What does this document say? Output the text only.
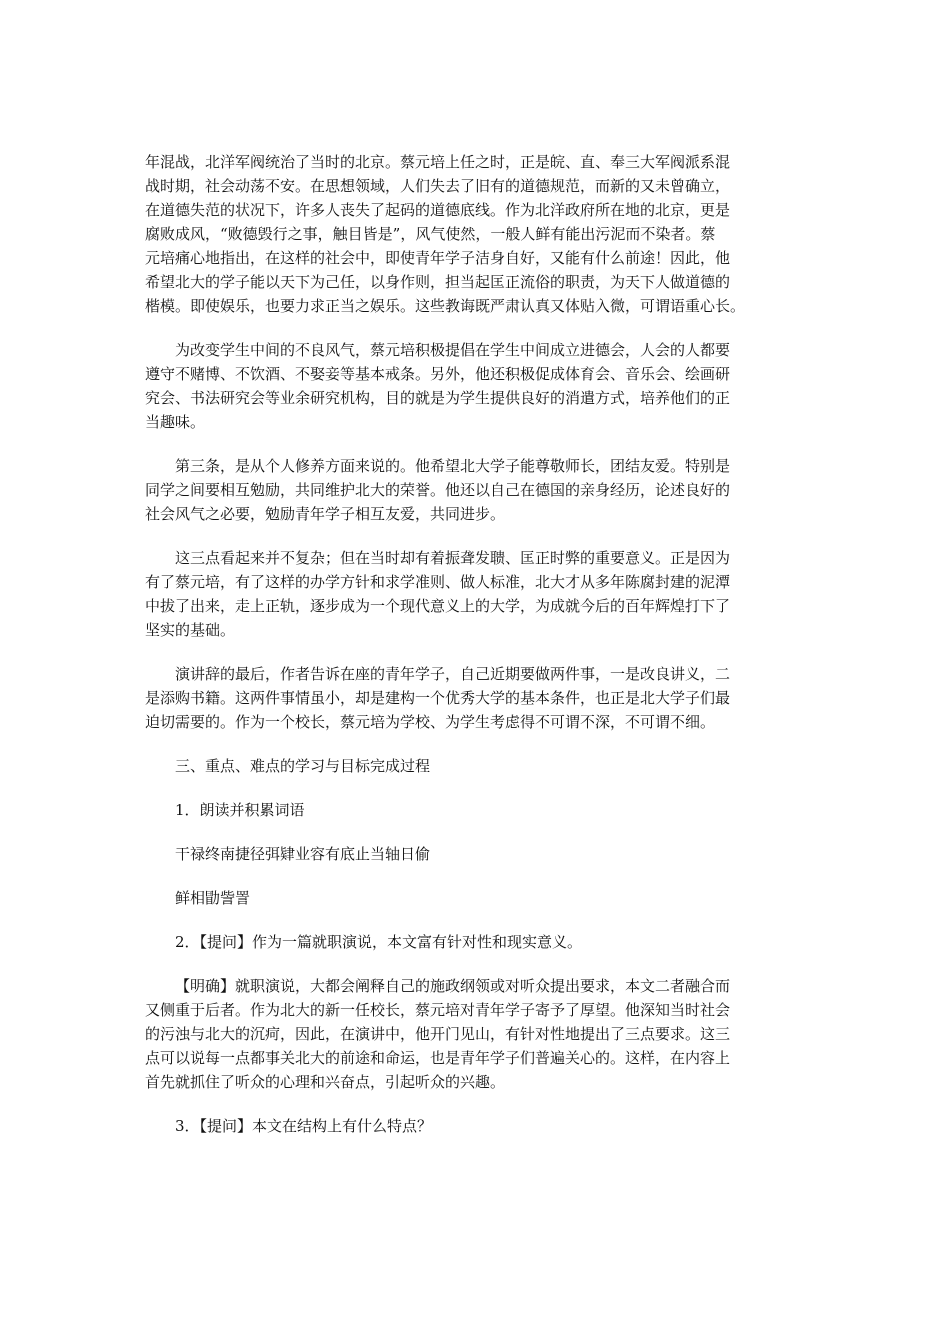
年混战，北洋军阀统治了当时的北京。蔡元培上任之时，正是皖、直、奉三大军阀派系混
战时期，社会动荡不安。在思想领域，人们失去了旧有的道德规范，而新的又未曾确立，
在道德失范的状况下，许多人丧失了起码的道德底线。作为北洋政府所在地的北京，更是
腐败成风，“败德毁行之事，触目皆是”，风气使然，一般人鲜有能出污泥而不染者。蔡
元培痛心地指出，在这样的社会中，即使青年学子洁身自好，又能有什么前途！因此，他
希望北大的学子能以天下为己任，以身作则，担当起匡正流俗的职责，为天下人做道德的
楷模。即使娱乐，也要力求正当之娱乐。这些教诲既严肃认真又体贴入微，可谓语重心长。
为改变学生中间的不良风气，蔡元培积极提倡在学生中间成立进德会，人会的人都要
遵守不赌博、不饮酒、不娶妾等基本戒条。另外，他还积极促成体育会、音乐会、绘画研
究会、书法研究会等业余研究机构，目的就是为学生提供良好的消遣方式，培养他们的正
当趣味。
第三条，是从个人修养方面来说的。他希望北大学子能尊敬师长，团结友爱。特别是
同学之间要相互勉励，共同维护北大的荣誉。他还以自己在德国的亲身经历，论述良好的
社会风气之必要，勉励青年学子相互友爱，共同进步。
这三点看起来并不复杂；但在当时却有着振聋发聩、匡正时弊的重要意义。正是因为
有了蔡元培，有了这样的办学方针和求学准则、做人标准，北大才从多年陈腐封建的泥潭
中拔了出来，走上正轨，逐步成为一个现代意义上的大学，为成就今后的百年辉煌打下了
坚实的基础。
演讲辞的最后，作者告诉在座的青年学子，自己近期要做两件事，一是改良讲义，二
是添购书籍。这两件事情虽小，却是建构一个优秀大学的基本条件，也正是北大学子们最
迫切需要的。作为一个校长，蔡元培为学校、为学生考虑得不可谓不深，不可谓不细。
三、重点、难点的学习与目标完成过程
1．朗读并积累词语
干禄终南捷径弭肄业容有底止当轴日偷
鲜相勖訾詈
2．【提问】作为一篇就职演说，本文富有针对性和现实意义。
【明确】就职演说，大都会阐释自己的施政纲领或对听众提出要求，本文二者融合而
又侧重于后者。作为北大的新一任校长，蔡元培对青年学子寄予了厚望。他深知当时社会
的污浊与北大的沉疴，因此，在演讲中，他开门见山，有针对性地提出了三点要求。这三
点可以说每一点都事关北大的前途和命运，也是青年学子们普遍关心的。这样，在内容上
首先就抓住了听众的心理和兴奋点，引起听众的兴趣。
3．【提问】本文在结构上有什么特点？
